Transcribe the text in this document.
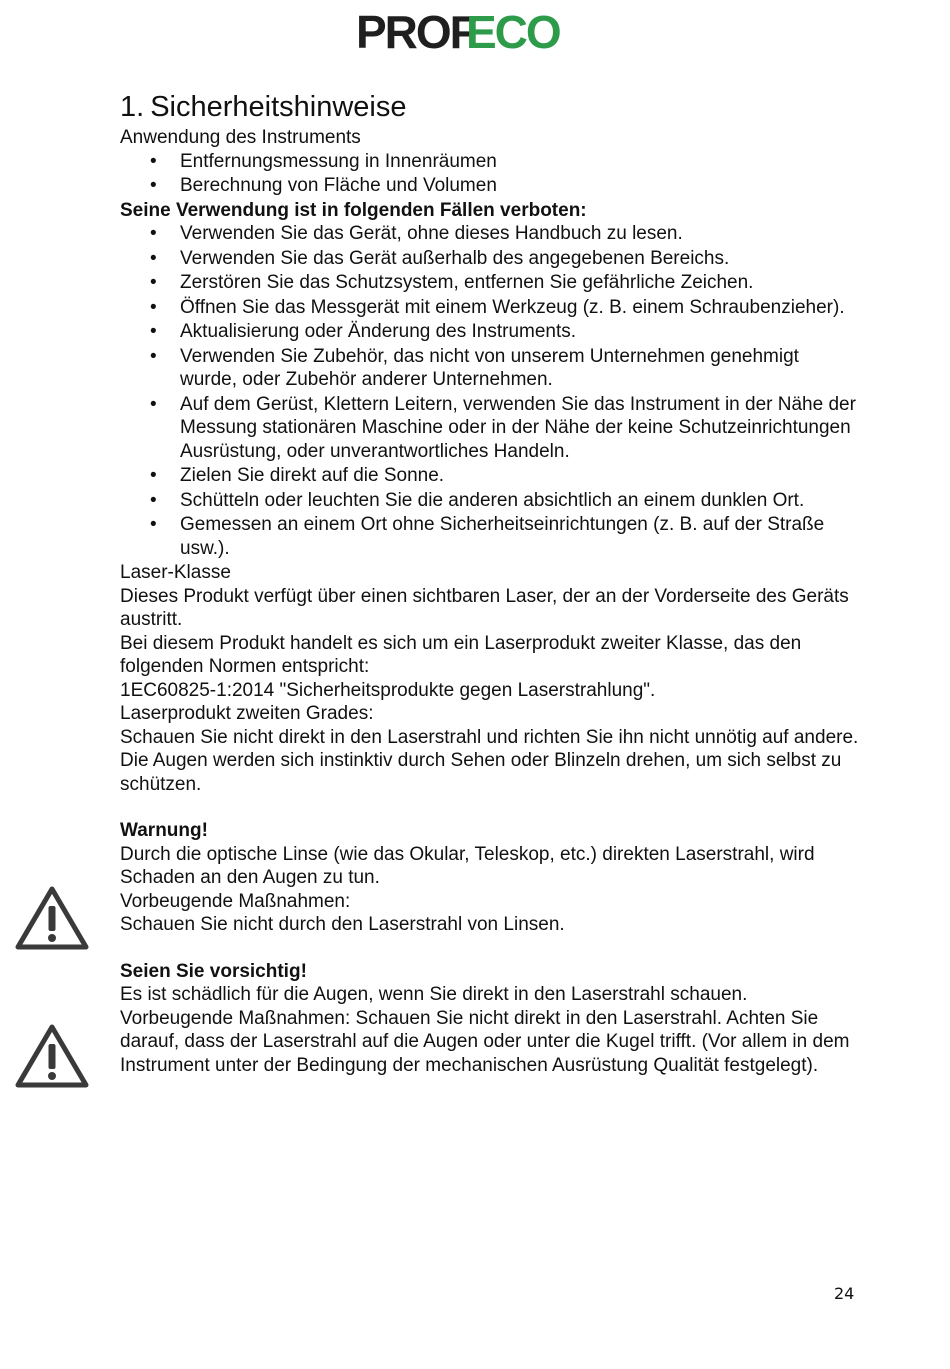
PROF
ECO
1. Sicherheitshinweise

Anwendung des Instruments

• Entfernungsmessung in Innenräumen
• Berechnung von Fläche und Volumen

Seine Verwendung ist in folgenden Fällen verboten:

• Verwenden Sie das Gerät, ohne dieses Handbuch zu lesen.
• Verwenden Sie das Gerät außerhalb des angegebenen Bereichs.
• Zerstören Sie das Schutzsystem, entfernen Sie gefährliche Zeichen.
• Öffnen Sie das Messgerät mit einem Werkzeug (z. B. einem Schraubenzieher).
• Aktualisierung oder Änderung des Instruments.
• Verwenden Sie Zubehör, das nicht von unserem Unternehmen genehmigt wurde, oder Zubehör anderer Unternehmen.
• Auf dem Gerüst, Klettern Leitern, verwenden Sie das Instrument in der Nähe der Messung stationären Maschine oder in der Nähe der keine Schutzeinrichtungen Ausrüstung, oder unverantwortliches Handeln.
• Zielen Sie direkt auf die Sonne.
• Schütteln oder leuchten Sie die anderen absichtlich an einem dunklen Ort.
• Gemessen an einem Ort ohne Sicherheitseinrichtungen (z. B. auf der Straße usw.).

Laser-Klasse

Dieses Produkt verfügt über einen sichtbaren Laser, der an der Vorderseite des Geräts austritt.

Bei diesem Produkt handelt es sich um ein Laserprodukt zweiter Klasse, das den folgenden Normen entspricht:

1EC60825-1:2014 "Sicherheitsprodukte gegen Laserstrahlung".

Laserprodukt zweiten Grades:

Schauen Sie nicht direkt in den Laserstrahl und richten Sie ihn nicht unnötig auf andere.

Die Augen werden sich instinktiv durch Sehen oder Blinzeln drehen, um sich selbst zu schützen.

Warnung!

Durch die optische Linse (wie das Okular, Teleskop, etc.) direkten Laserstrahl, wird Schaden an den Augen zu tun.

Vorbeugende Maßnahmen:

Schauen Sie nicht durch den Laserstrahl von Linsen.

Seien Sie vorsichtig!

Es ist schädlich für die Augen, wenn Sie direkt in den Laserstrahl schauen.

Vorbeugende Maßnahmen: Schauen Sie nicht direkt in den Laserstrahl. Achten Sie darauf, dass der Laserstrahl auf die Augen oder unter die Kugel trifft. (Vor allem in dem Instrument unter der Bedingung der mechanischen Ausrüstung Qualität festgelegt).

24
